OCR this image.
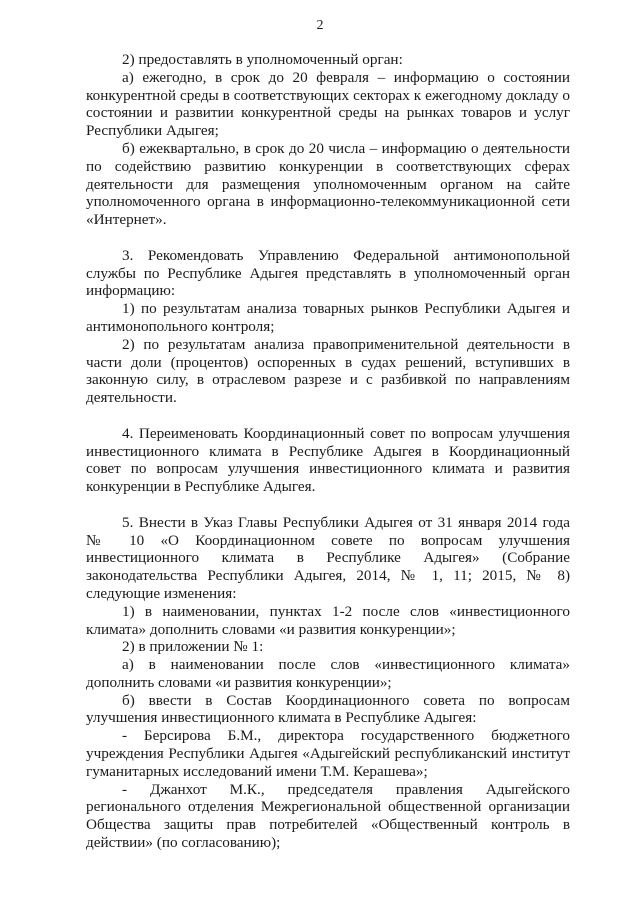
2

2) предоставлять в уполномоченный орган:

а) ежегодно, в срок до 20 февраля – информацию о состоянии конкурентной среды в соответствующих секторах к ежегодному докладу о состоянии и развитии конкурентной среды на рынках товаров и услуг Республики Адыгея;

б) ежеквартально, в срок до 20 числа – информацию о деятельности по содействию развитию конкуренции в соответствующих сферах деятельности для размещения уполномоченным органом на сайте уполномоченного органа в информационно-телекоммуникационной сети «Интернет».

3. Рекомендовать Управлению Федеральной антимонопольной службы по Республике Адыгея представлять в уполномоченный орган информацию:

1) по результатам анализа товарных рынков Республики Адыгея и антимонопольного контроля;

2) по результатам анализа правоприменительной деятельности в части доли (процентов) оспоренных в судах решений, вступивших в законную силу, в отраслевом разрезе и с разбивкой по направлениям деятельности.

4. Переименовать Координационный совет по вопросам улучшения инвестиционного климата в Республике Адыгея в Координационный совет по вопросам улучшения инвестиционного климата и развития конкуренции в Республике Адыгея.

5. Внести в Указ Главы Республики Адыгея от 31 января 2014 года № 10 «О Координационном совете по вопросам улучшения инвестиционного климата в Республике Адыгея» (Собрание законодательства Республики Адыгея, 2014, № 1, 11; 2015, № 8) следующие изменения:

1) в наименовании, пунктах 1-2 после слов «инвестиционного климата» дополнить словами «и развития конкуренции»;

2) в приложении № 1:

а) в наименовании после слов «инвестиционного климата» дополнить словами «и развития конкуренции»;

б) ввести в Состав Координационного совета по вопросам улучшения инвестиционного климата в Республике Адыгея:

- Берсирова Б.М., директора государственного бюджетного учреждения Республики Адыгея «Адыгейский республиканский институт гуманитарных исследований имени Т.М. Керашева»;

- Джанхот М.К., председателя правления Адыгейского регионального отделения Межрегиональной общественной организации Общества защиты прав потребителей «Общественный контроль в действии» (по согласованию);
